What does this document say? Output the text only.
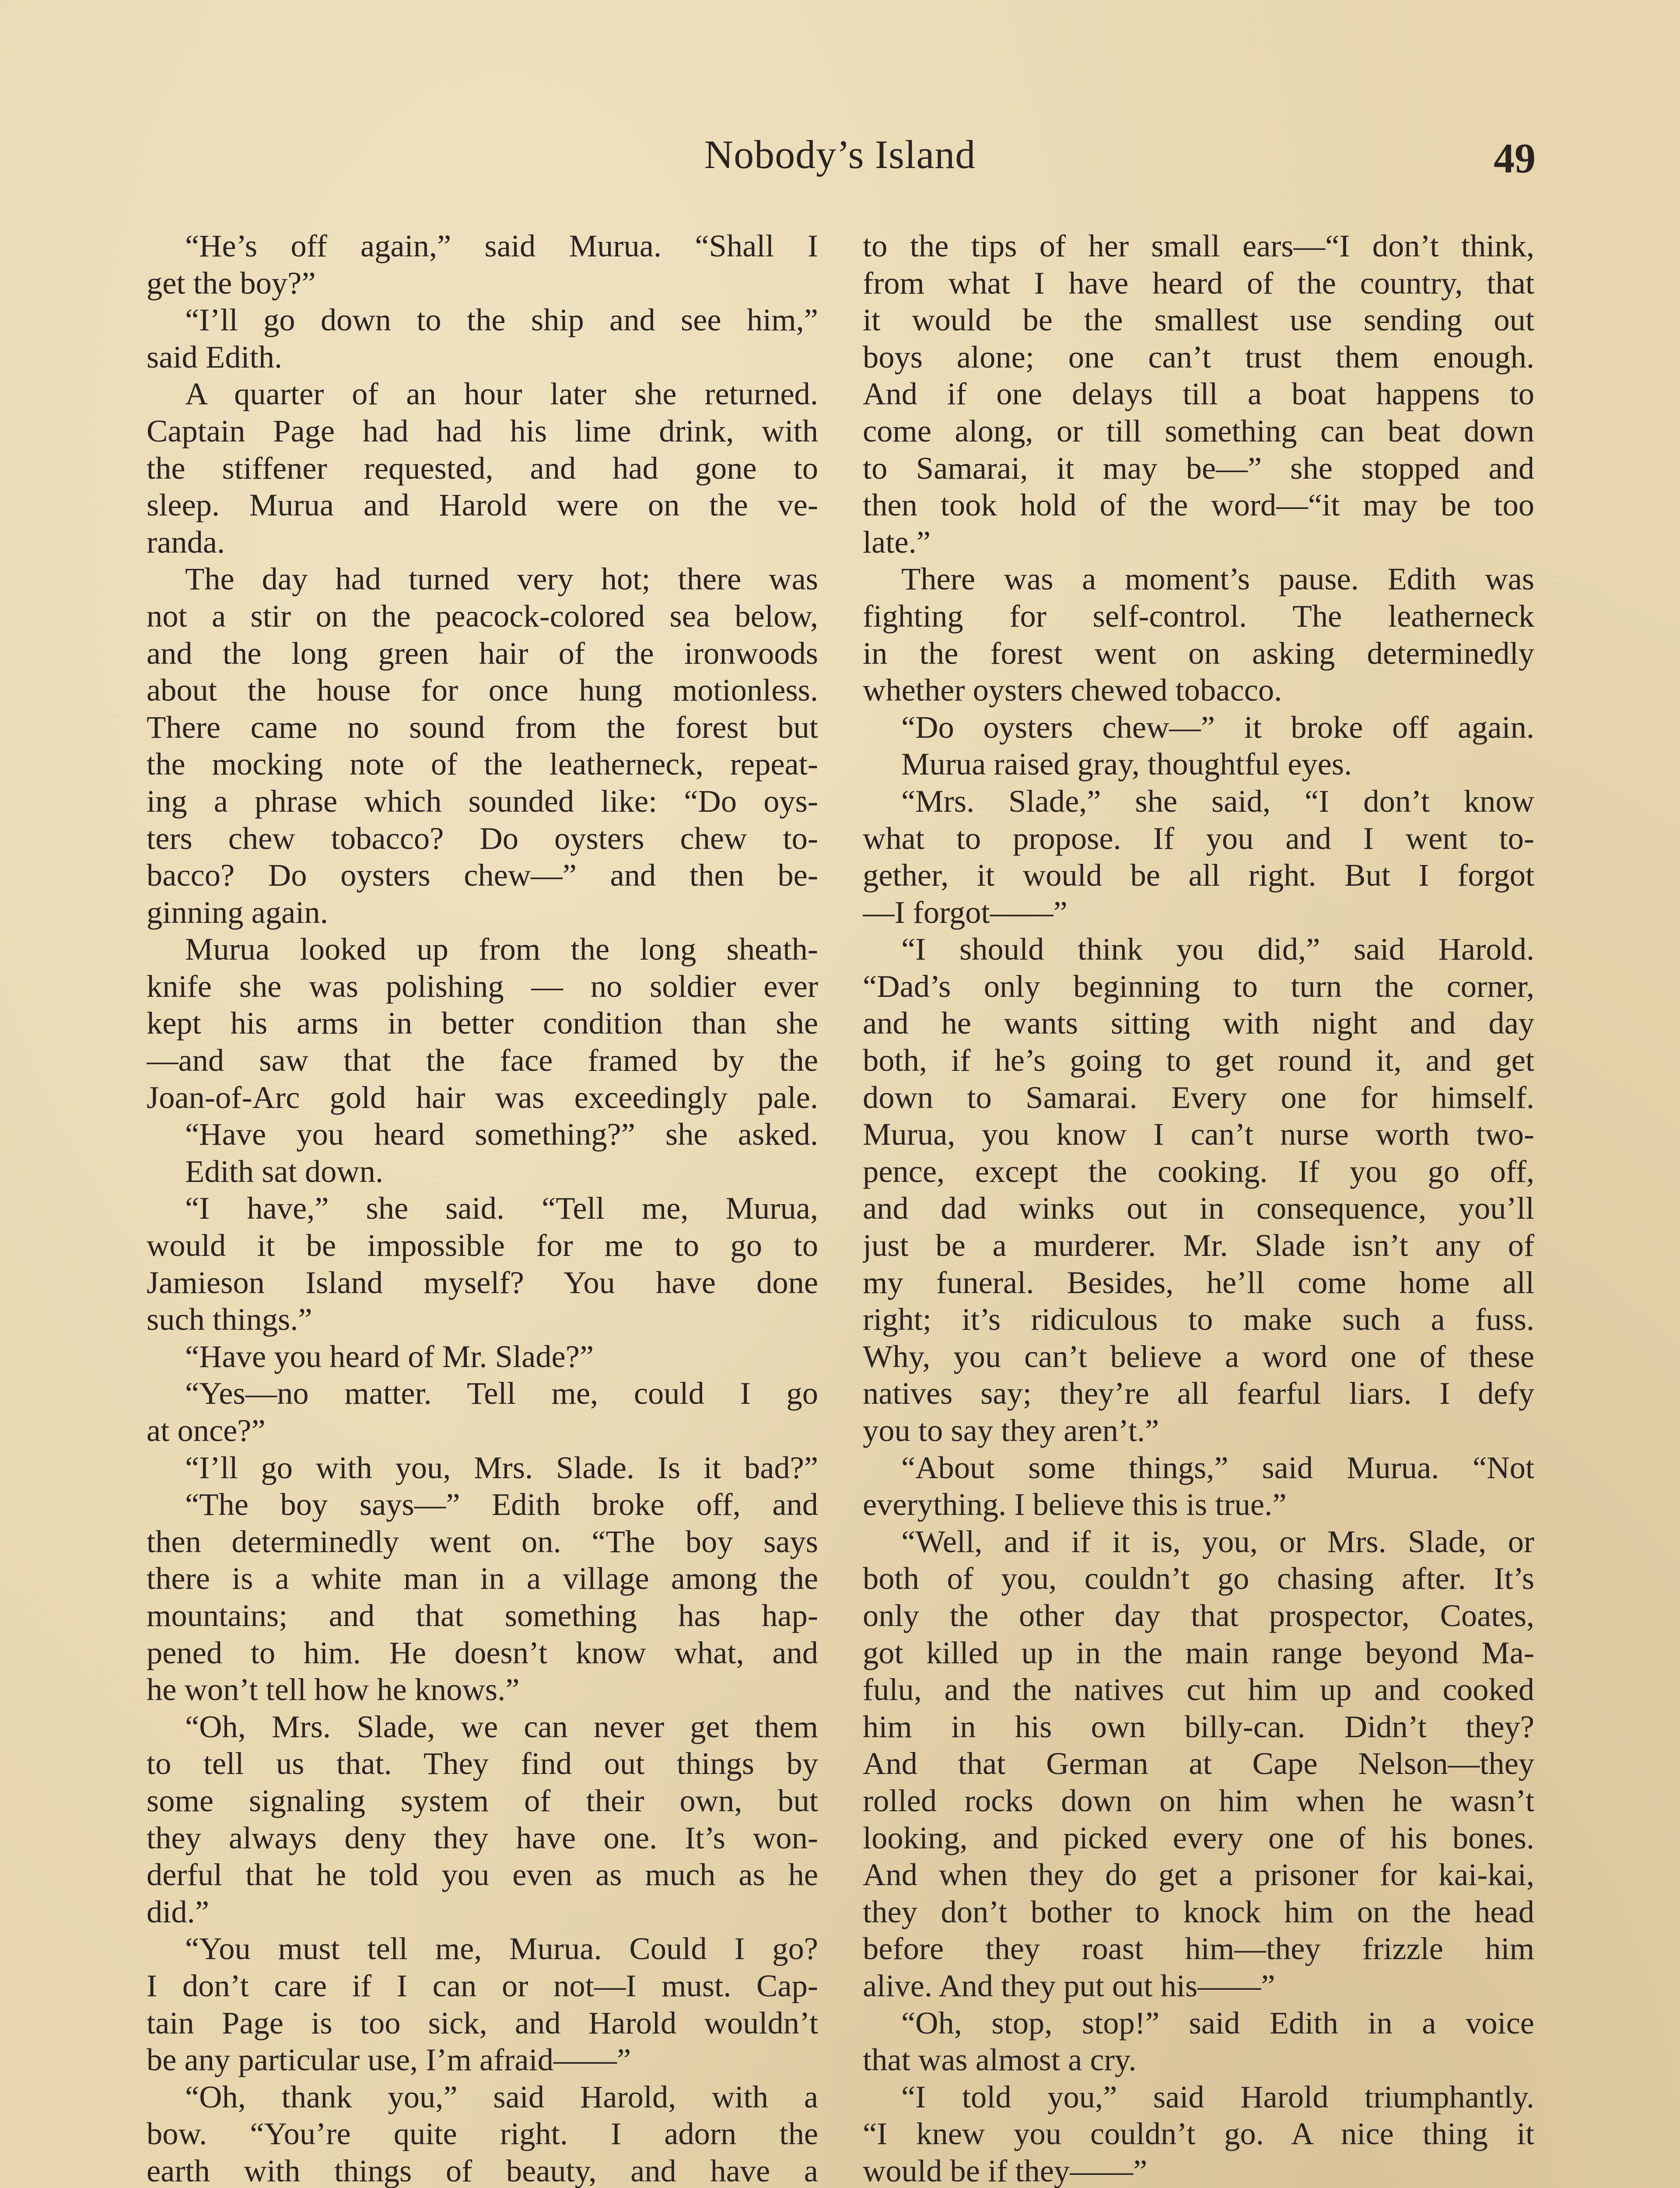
Nobody’s Island	49
“He’s off again,” said Murua. “Shall I
get the boy?”
“I’ll go down to the ship and see him,”
said Edith.
A quarter of an hour later she returned.
Captain Page had had his lime drink, with
the stiffener requested, and had gone to
sleep. Murua and Harold were on the ve-
randa.
The day had turned very hot; there was
not a stir on the peacock-colored sea below,
and the long green hair of the ironwoods
about the house for once hung motionless.
There came no sound from the forest but
the mocking note of the leatherneck, repeat-
ing a phrase which sounded like: “Do oys-
ters chew tobacco? Do oysters chew to-
bacco? Do oysters chew—” and then be-
ginning again.
Murua looked up from the long sheath-
knife she was polishing — no soldier ever
kept his arms in better condition than she
—and saw that the face framed by the
Joan-of-Arc gold hair was exceedingly pale.
“Have you heard something?” she asked.
Edith sat down.
“I have,” she said. “Tell me, Murua,
would it be impossible for me to go to
Jamieson Island myself? You have done
such things.”
“Have you heard of Mr. Slade?”
“Yes—no matter. Tell me, could I go
at once?”
“I’ll go with you, Mrs. Slade. Is it bad?”
“The boy says—” Edith broke off, and
then determinedly went on. “The boy says
there is a white man in a village among the
mountains; and that something has hap-
pened to him. He doesn’t know what, and
he won’t tell how he knows.”
“Oh, Mrs. Slade, we can never get them
to tell us that. They find out things by
some signaling system of their own, but
they always deny they have one. It’s won-
derful that he told you even as much as he
did.”
“You must tell me, Murua. Could I go?
I don’t care if I can or not—I must. Cap-
tain Page is too sick, and Harold wouldn’t
be any particular use, I’m afraid——”
“Oh, thank you,” said Harold, with a
bow. “You’re quite right. I adorn the
earth with things of beauty, and have a
to the tips of her small ears—“I don’t think,
from what I have heard of the country, that
it would be the smallest use sending out
boys alone; one can’t trust them enough.
And if one delays till a boat happens to
come along, or till something can beat down
to Samarai, it may be—” she stopped and
then took hold of the word—“it may be too
late.”
There was a moment’s pause. Edith was
fighting for self-control. The leatherneck
in the forest went on asking determinedly
whether oysters chewed tobacco.
“Do oysters chew—” it broke off again.
Murua raised gray, thoughtful eyes.
“Mrs. Slade,” she said, “I don’t know
what to propose. If you and I went to-
gether, it would be all right. But I forgot
—I forgot——”
“I should think you did,” said Harold.
“Dad’s only beginning to turn the corner,
and he wants sitting with night and day
both, if he’s going to get round it, and get
down to Samarai. Every one for himself.
Murua, you know I can’t nurse worth two-
pence, except the cooking. If you go off,
and dad winks out in consequence, you’ll
just be a murderer. Mr. Slade isn’t any of
my funeral. Besides, he’ll come home all
right; it’s ridiculous to make such a fuss.
Why, you can’t believe a word one of these
natives say; they’re all fearful liars. I defy
you to say they aren’t.”
“About some things,” said Murua. “Not
everything. I believe this is true.”
“Well, and if it is, you, or Mrs. Slade, or
both of you, couldn’t go chasing after. It’s
only the other day that prospector, Coates,
got killed up in the main range beyond Ma-
fulu, and the natives cut him up and cooked
him in his own billy-can. Didn’t they?
And that German at Cape Nelson—they
rolled rocks down on him when he wasn’t
looking, and picked every one of his bones.
And when they do get a prisoner for kai-kai,
they don’t bother to knock him on the head
before they roast him—they frizzle him
alive. And they put out his——”
“Oh, stop, stop!” said Edith in a voice
that was almost a cry.
“I told you,” said Harold triumphantly.
“I knew you couldn’t go. A nice thing it
would be if they——”
